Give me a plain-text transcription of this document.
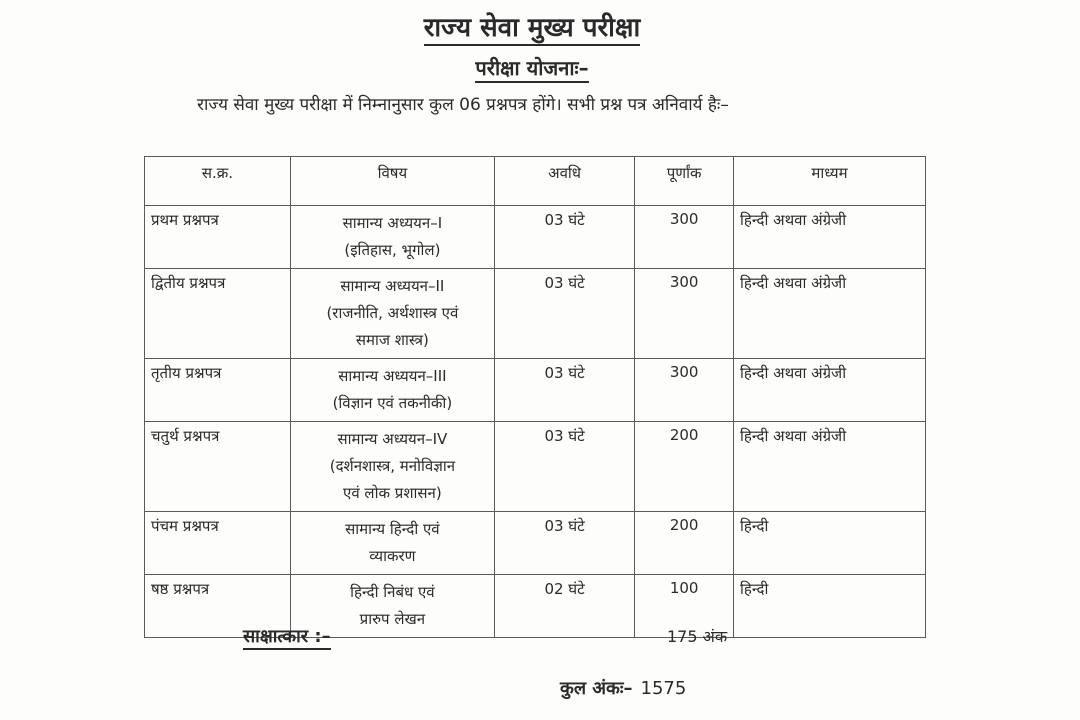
राज्य सेवा मुख्य परीक्षा
परीक्षा योजनाः–
राज्य सेवा मुख्य परीक्षा में निम्नानुसार कुल 06 प्रश्नपत्र होंगे। सभी प्रश्न पत्र अनिवार्य हैः–
स.क्र.	विषय	अवधि	पूर्णांक	माध्यम
प्रथम प्रश्नपत्र	सामान्य अध्ययन–I
(इतिहास, भूगोल)	03 घंटे	300	हिन्दी अथवा अंग्रेजी
द्वितीय प्रश्नपत्र	सामान्य अध्ययन–II
(राजनीति, अर्थशास्त्र एवं
समाज शास्त्र)	03 घंटे	300	हिन्दी अथवा अंग्रेजी
तृतीय प्रश्नपत्र	सामान्य अध्ययन–III
(विज्ञान एवं तकनीकी)	03 घंटे	300	हिन्दी अथवा अंग्रेजी
चतुर्थ प्रश्नपत्र	सामान्य अध्ययन–IV
(दर्शनशास्त्र, मनोविज्ञान
एवं लोक प्रशासन)	03 घंटे	200	हिन्दी अथवा अंग्रेजी
पंचम प्रश्नपत्र	सामान्य हिन्दी एवं
व्याकरण	03 घंटे	200	हिन्दी
षष्ठ प्रश्नपत्र	हिन्दी निबंध एवं
प्रारुप लेखन	02 घंटे	100	हिन्दी
साक्षात्कार :–	175 अंक
कुल अंकः– 1575
